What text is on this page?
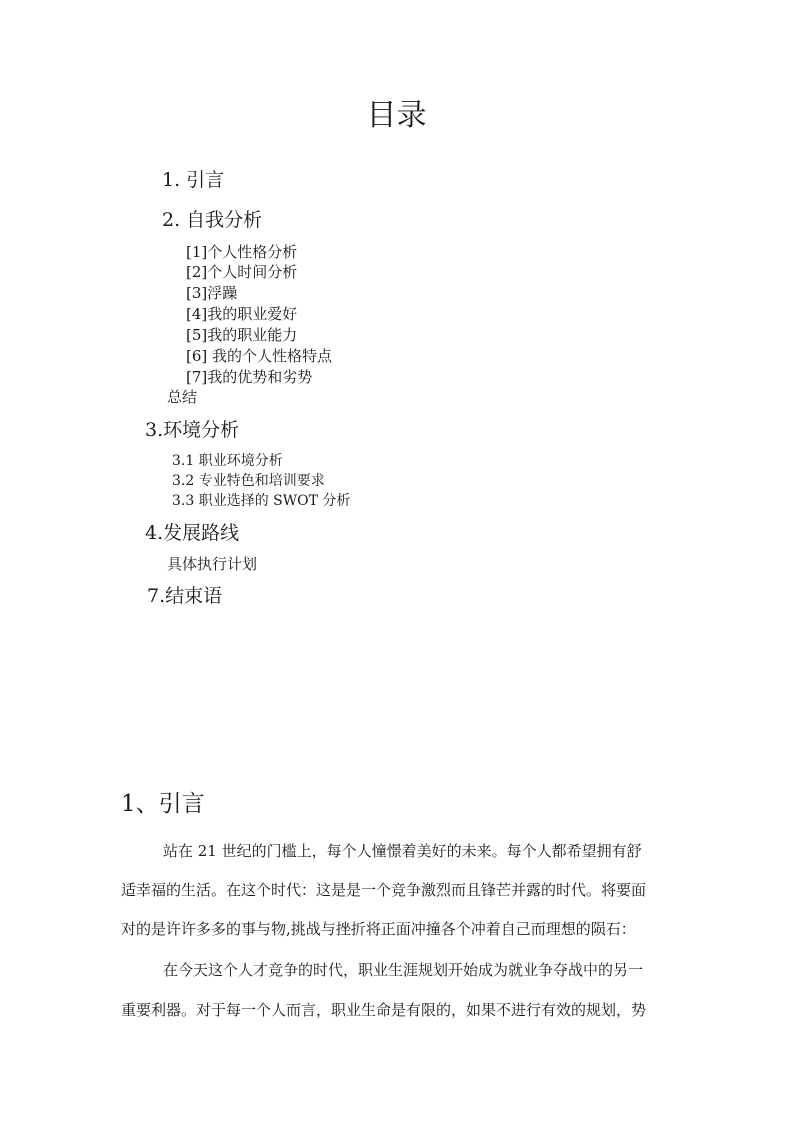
目录
1. 引言
2. 自我分析
[1]个人性格分析
[2]个人时间分析
[3]浮躁
[4]我的职业爱好
[5]我的职业能力
[6] 我的个人性格特点
[7]我的优势和劣势
总结
3.环境分析
3.1 职业环境分析
3.2 专业特色和培训要求
3.3 职业选择的 SWOT 分析
4.发展路线
具体执行计划
7.结束语
1、引言
站在 21 世纪的门槛上，每个人憧憬着美好的未来。每个人都希望拥有舒
适幸福的生活。在这个时代：这是是一个竞争激烈而且锋芒并露的时代。将要面
对的是许许多多的事与物,挑战与挫折将正面冲撞各个冲着自己而理想的陨石：
在今天这个人才竞争的时代，职业生涯规划开始成为就业争夺战中的另一
重要利器。对于每一个人而言，职业生命是有限的，如果不进行有效的规划，势
